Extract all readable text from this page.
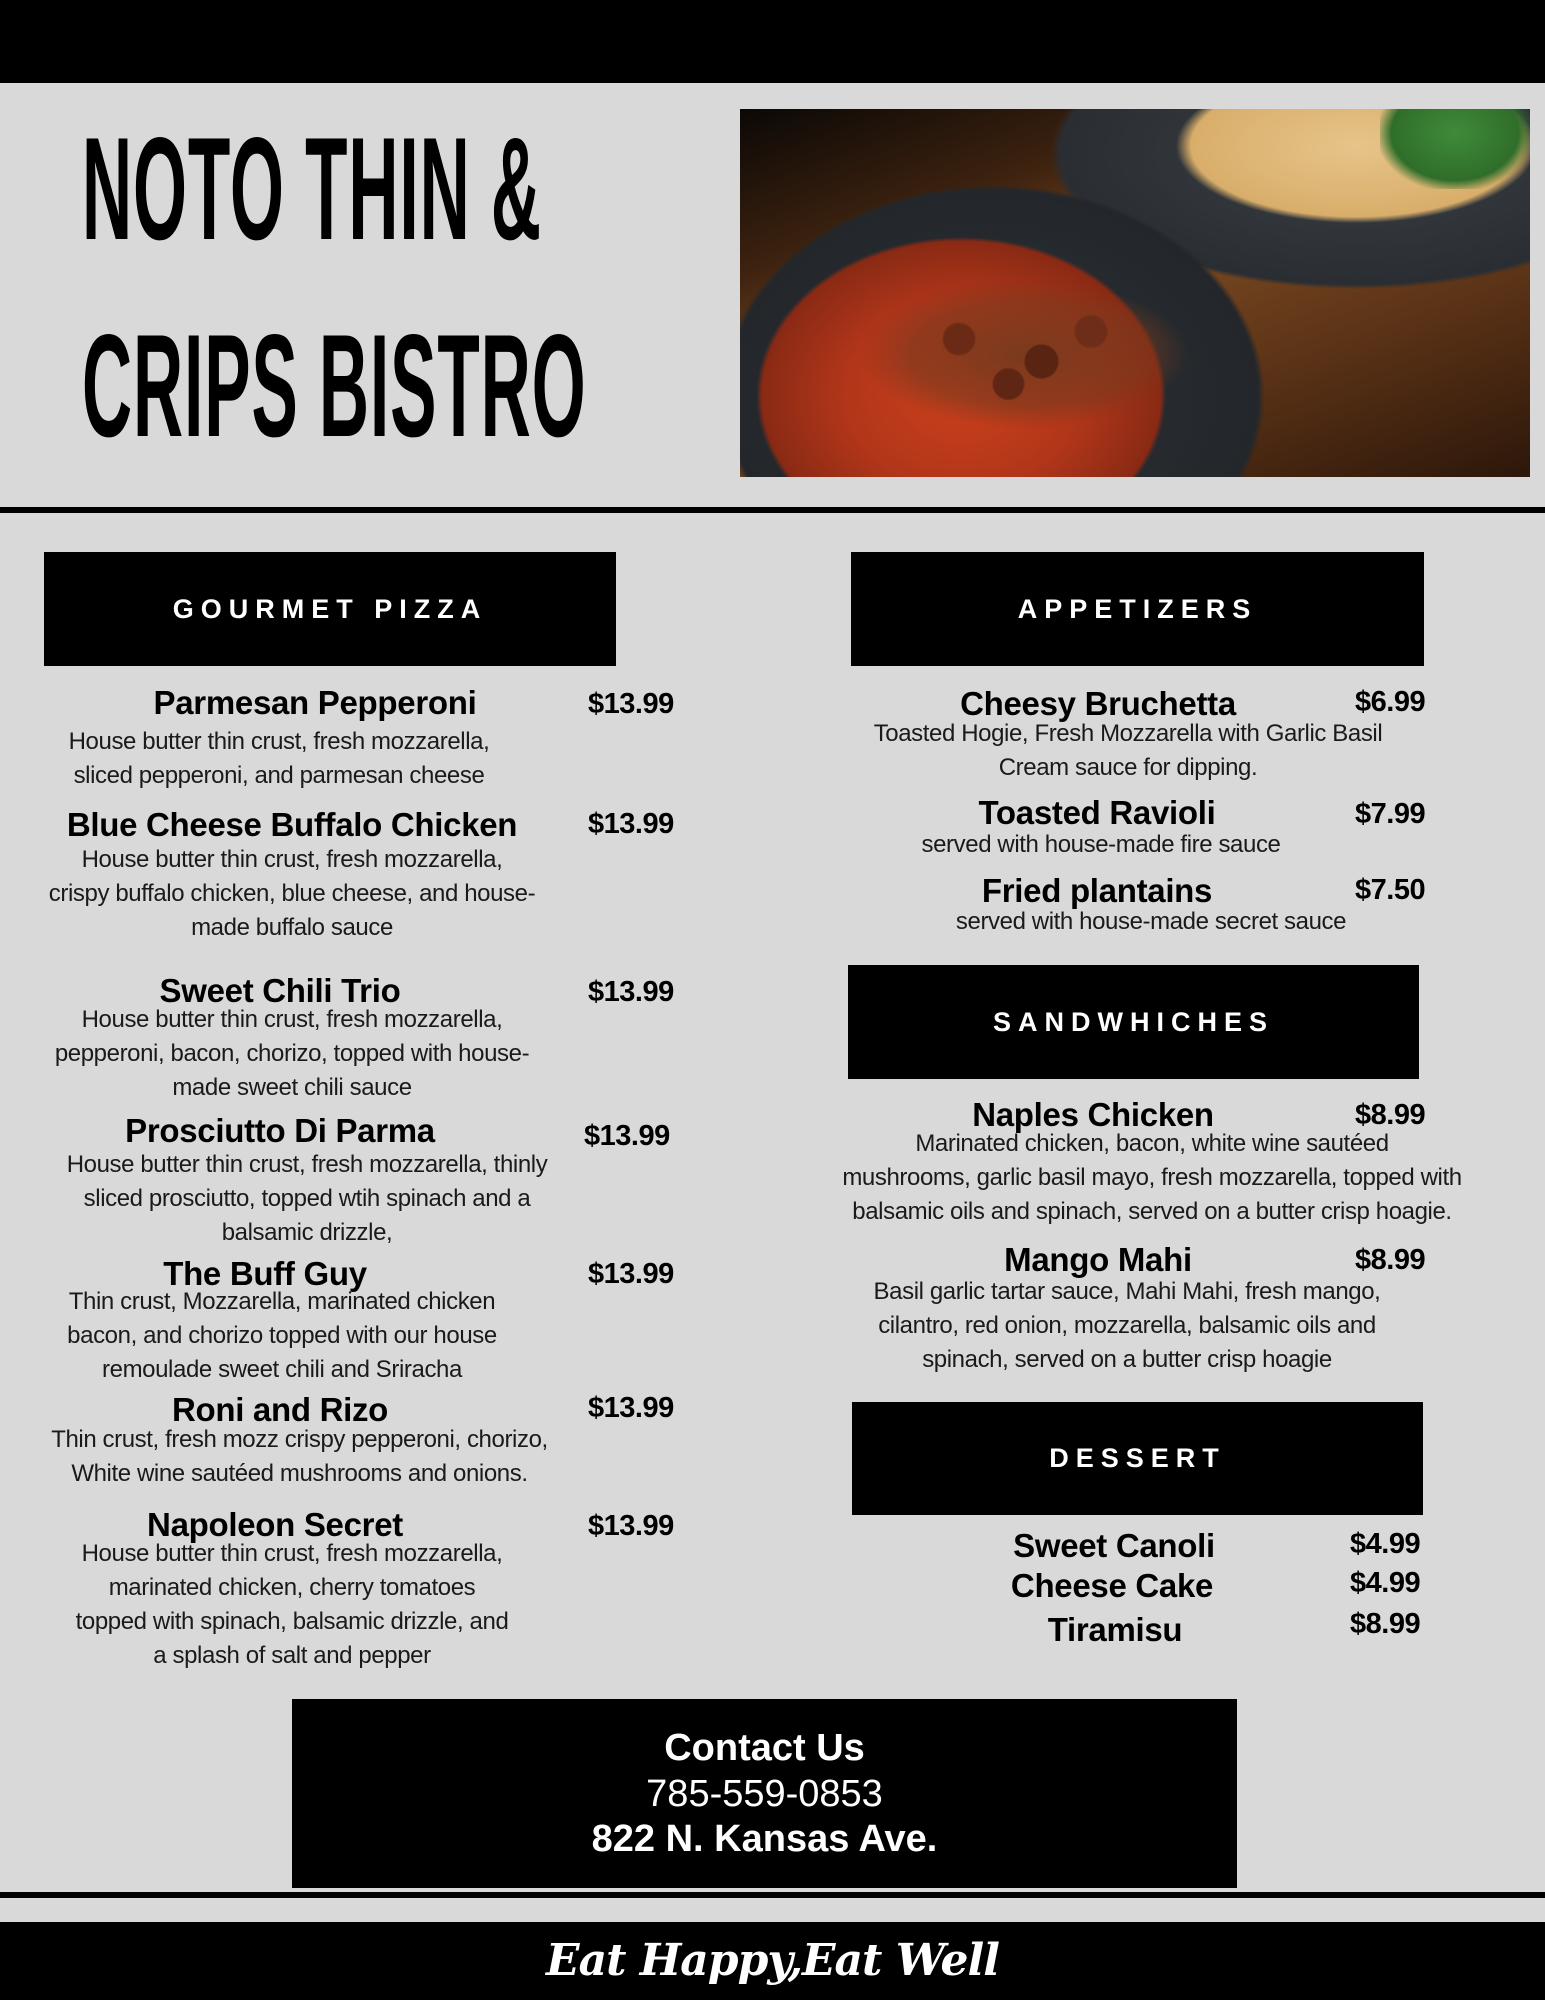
NOTO THIN &
CRIPS BISTRO
GOURMET PIZZA
Parmesan Pepperoni	$13.99
House butter thin crust, fresh mozzarella,
sliced pepperoni, and parmesan cheese
Blue Cheese Buffalo Chicken	$13.99
House butter thin crust, fresh mozzarella,
crispy buffalo chicken, blue cheese, and house-
made buffalo sauce
Sweet Chili Trio	$13.99
House butter thin crust, fresh mozzarella,
pepperoni, bacon, chorizo, topped with house-
made sweet chili sauce
Prosciutto Di Parma	$13.99
House butter thin crust, fresh mozzarella, thinly
sliced prosciutto, topped wtih spinach and a
balsamic drizzle,
The Buff Guy	$13.99
Thin crust, Mozzarella, marinated chicken
bacon, and chorizo topped with our house
remoulade sweet chili and Sriracha
Roni and Rizo	$13.99
Thin crust, fresh mozz crispy pepperoni, chorizo,
White wine sautéed mushrooms and onions.
Napoleon Secret	$13.99
House butter thin crust, fresh mozzarella,
marinated chicken, cherry tomatoes
topped with spinach, balsamic drizzle, and
a splash of salt and pepper
APPETIZERS
Cheesy Bruchetta	$6.99
Toasted Hogie, Fresh Mozzarella with Garlic Basil
Cream sauce for dipping.
Toasted Ravioli	$7.99
served with house-made fire sauce
Fried plantains	$7.50
served with house-made secret sauce
SANDWHICHES
Naples Chicken	$8.99
Marinated chicken, bacon, white wine sautéed
mushrooms, garlic basil mayo, fresh mozzarella, topped with
balsamic oils and spinach, served on a butter crisp hoagie.
Mango Mahi	$8.99
Basil garlic tartar sauce, Mahi Mahi, fresh mango,
cilantro, red onion, mozzarella, balsamic oils and
spinach, served on a butter crisp hoagie
DESSERT
Sweet Canoli	$4.99
Cheese Cake	$4.99
Tiramisu	$8.99
Contact Us
785-559-0853
822 N. Kansas Ave.
Eat Happy,Eat Well
